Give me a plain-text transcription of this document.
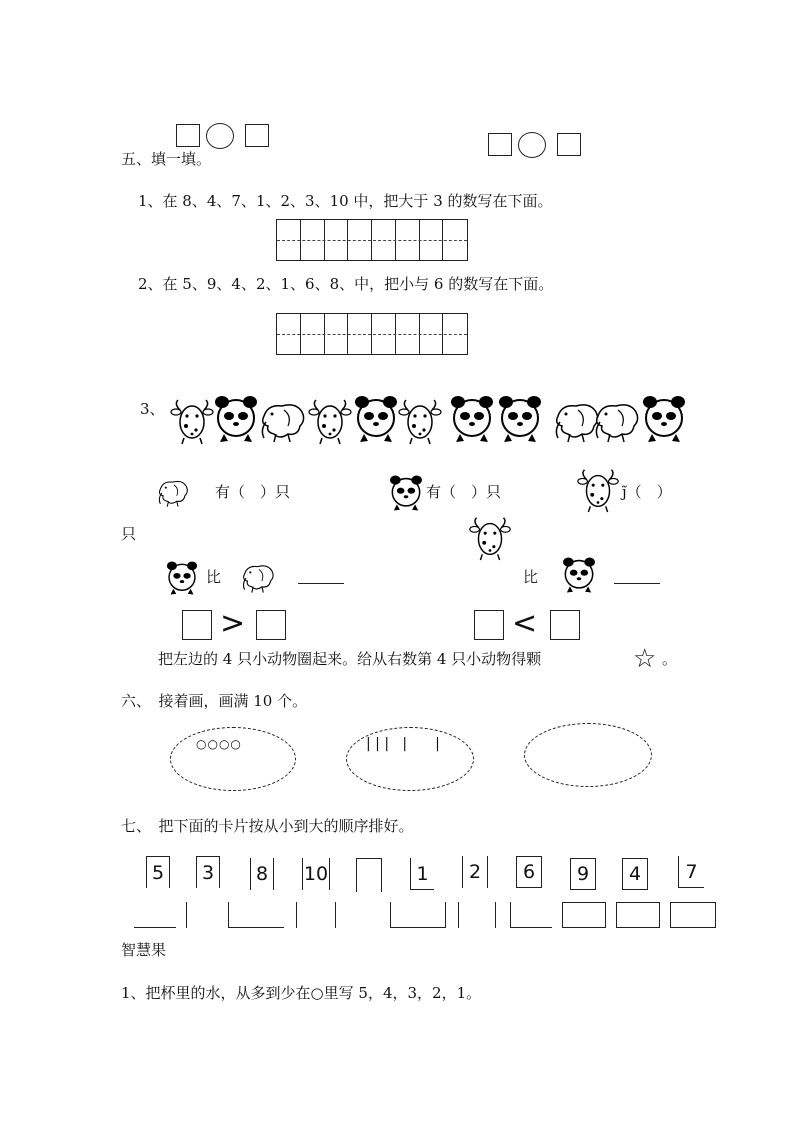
五、填一填。
1、在 8、4、7、1、2、3、10 中，把大于 3 的数写在下面。
2、在 5、9、4、2、1、6、8、中，把小与 6 的数写在下面。
3、
有（　）只	有（　）只	j̃（　）
只
比	比
>	<
把左边的 4 只小动物圈起来。给从右数第 4 只小动物得颗	☆ 。
六、　接着画，画满 10 个。
○○○○	| | |   |　　|
七、　把下面的卡片按从小到大的顺序排好。
5	3	8	10	1	2	6	9	4	7
智慧果
1、把杯里的水，从多到少在○里写 5，4，3，2，1。
